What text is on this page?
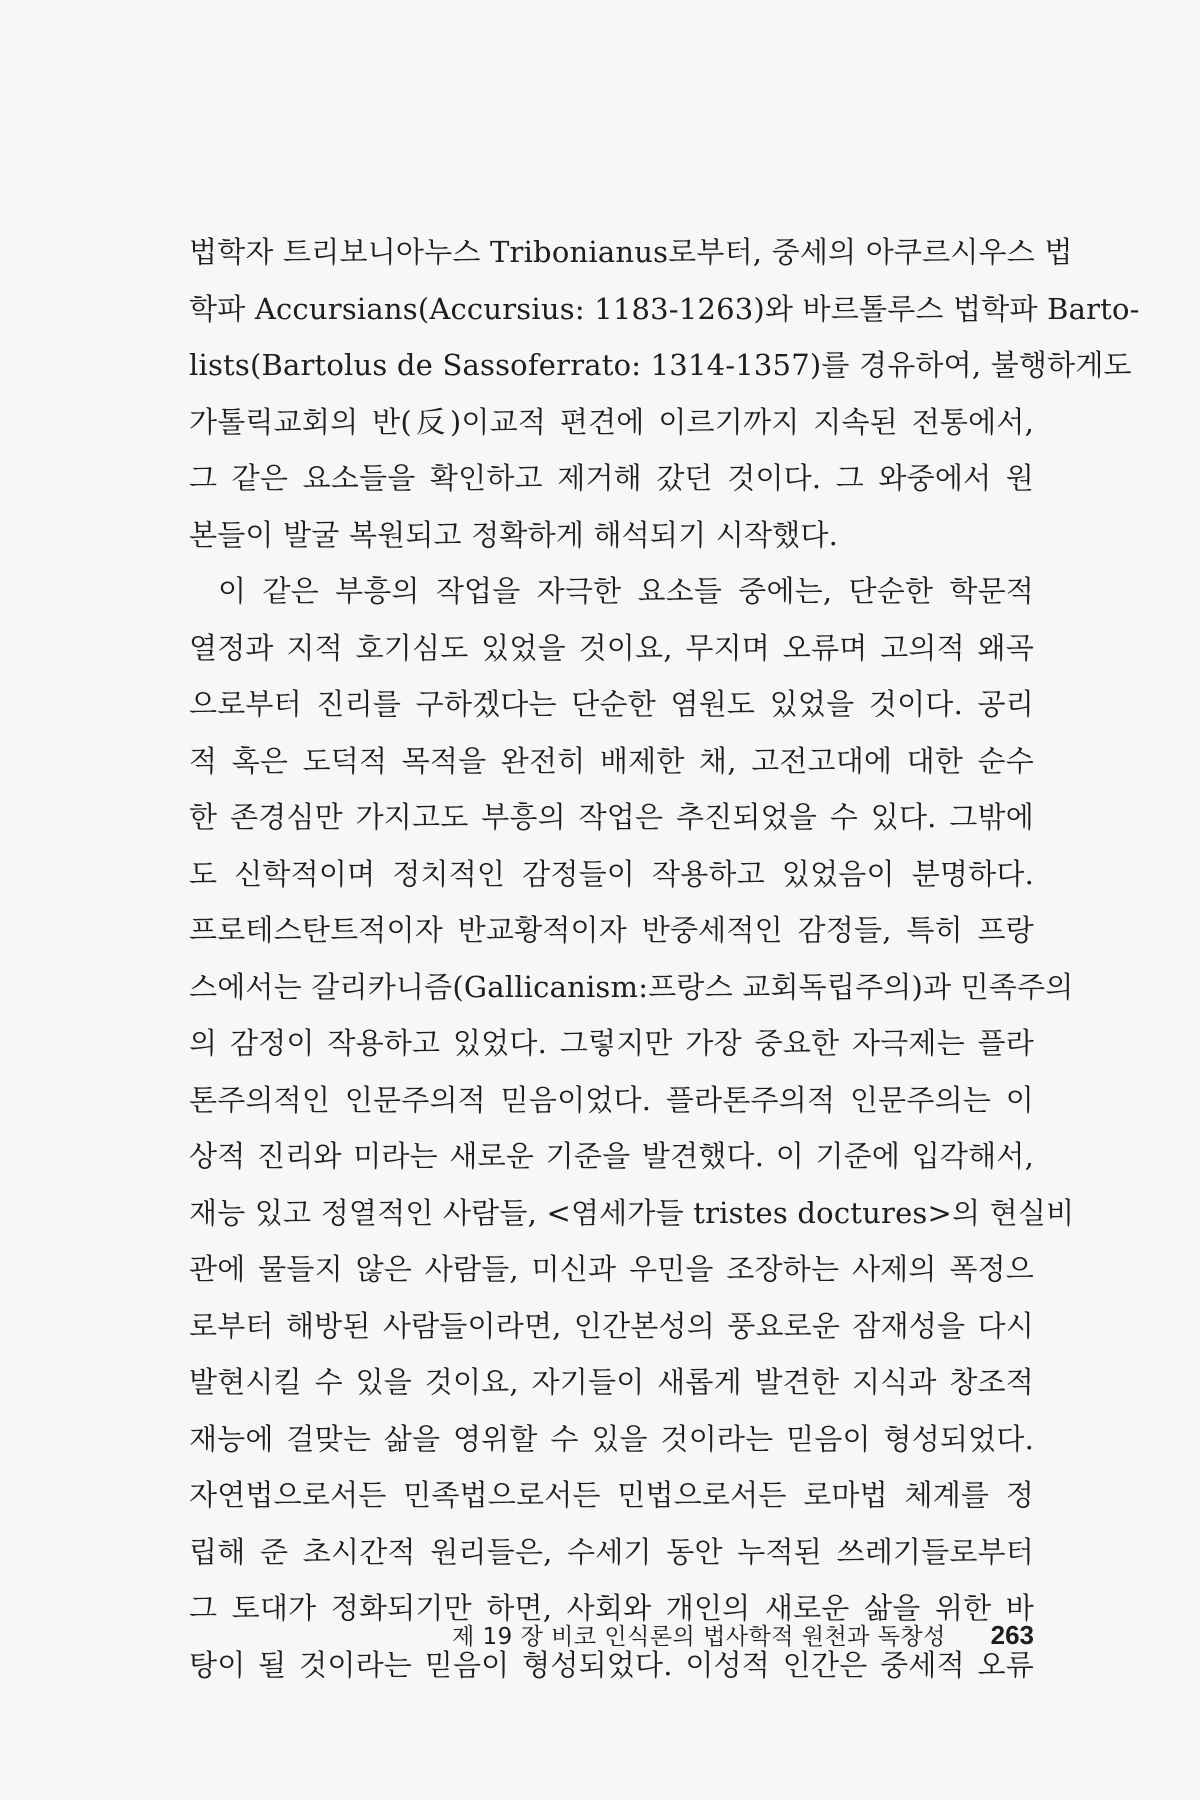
법학자 트리보니아누스 Tribonianus로부터, 중세의 아쿠르시우스 법
학파 Accursians(Accursius: 1183-1263)와 바르톨루스 법학파 Barto-
lists(Bartolus de Sassoferrato: 1314-1357)를 경유하여, 불행하게도
가톨릭교회의 반(反)이교적 편견에 이르기까지 지속된 전통에서,
그 같은 요소들을 확인하고 제거해 갔던 것이다. 그 와중에서 원
본들이 발굴 복원되고 정확하게 해석되기 시작했다.
이 같은 부흥의 작업을 자극한 요소들 중에는, 단순한 학문적
열정과 지적 호기심도 있었을 것이요, 무지며 오류며 고의적 왜곡
으로부터 진리를 구하겠다는 단순한 염원도 있었을 것이다. 공리
적 혹은 도덕적 목적을 완전히 배제한 채, 고전고대에 대한 순수
한 존경심만 가지고도 부흥의 작업은 추진되었을 수 있다. 그밖에
도 신학적이며 정치적인 감정들이 작용하고 있었음이 분명하다.
프로테스탄트적이자 반교황적이자 반중세적인 감정들, 특히 프랑
스에서는 갈리카니즘(Gallicanism:프랑스 교회독립주의)과 민족주의
의 감정이 작용하고 있었다. 그렇지만 가장 중요한 자극제는 플라
톤주의적인 인문주의적 믿음이었다. 플라톤주의적 인문주의는 이
상적 진리와 미라는 새로운 기준을 발견했다. 이 기준에 입각해서,
재능 있고 정열적인 사람들, <염세가들 tristes doctures>의 현실비
관에 물들지 않은 사람들, 미신과 우민을 조장하는 사제의 폭정으
로부터 해방된 사람들이라면, 인간본성의 풍요로운 잠재성을 다시
발현시킬 수 있을 것이요, 자기들이 새롭게 발견한 지식과 창조적
재능에 걸맞는 삶을 영위할 수 있을 것이라는 믿음이 형성되었다.
자연법으로서든 민족법으로서든 민법으로서든 로마법 체계를 정
립해 준 초시간적 원리들은, 수세기 동안 누적된 쓰레기들로부터
그 토대가 정화되기만 하면, 사회와 개인의 새로운 삶을 위한 바
탕이 될 것이라는 믿음이 형성되었다. 이성적 인간은 중세적 오류
제 19 장 비코 인식론의 법사학적 원천과 독창성 263
